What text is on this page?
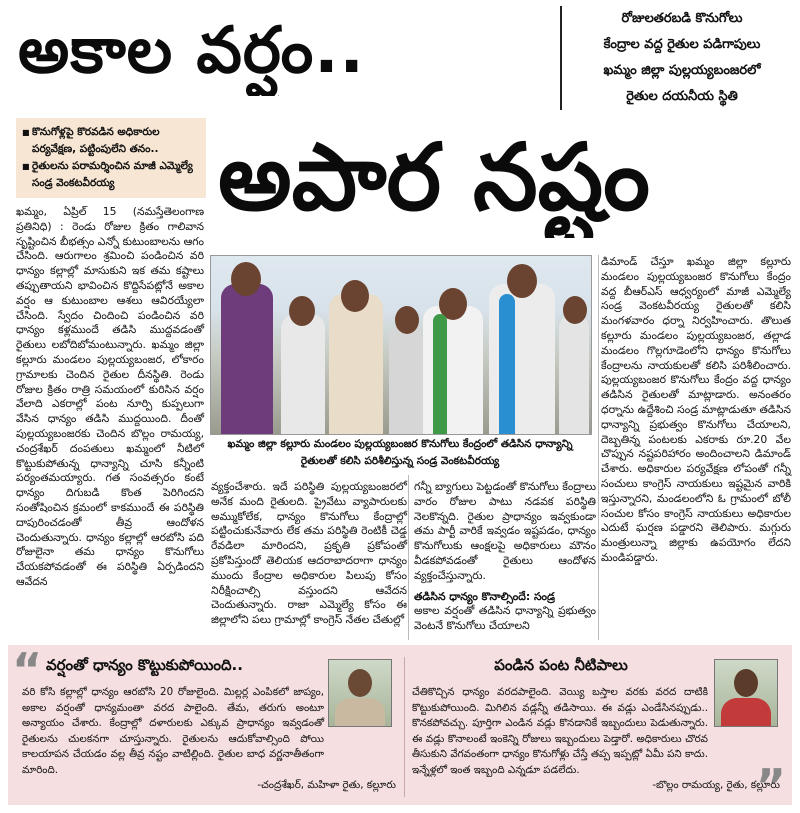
అకాల వర్షం..	రోజులతరబడి కొనుగోలు
కేంద్రాల వద్ద రైతుల పడిగాపులు
ఖమ్మం జిల్లా పుల్లయ్యబంజరలో
రైతుల దయనీయ స్థితి
■ కొనుగోళ్లపై కొరవడిన అధికారుల పర్యవేక్షణ, పట్టింపులేని తనం..
■ రైతులను పరామర్శించిన మాజీ ఎమ్మెల్యే సండ్ర వెంకటవీరయ్య	అపార నష్టం
ఖమ్మం, ఏప్రిల్ 15 (నమస్తేతెలంగాణ ప్రతినిధి) : రెండు రోజుల క్రితం గాలివాన సృష్టించిన బీభత్సం ఎన్నో కుటుంబాలను ఆగం చేసింది. ఆరుగాలం శ్రమించి పండించిన వరి ధాన్యం కల్లాల్లో మాసుకుని ఇక తమ కష్టాలు తప్పుతాయని భావించిన కొద్దిసేపట్లోనే అకాల వర్షం ఆ కుటుంబాల ఆశలు ఆవిరయ్యేలా చేసింది. స్వేదం చిందించి పండించిన వరి ధాన్యం కళ్లముందే తడిసి ముద్దవడంతో రైతులు లబోదిబోమంటున్నారు. ఖమ్మం జిల్లా కల్లూరు మండలం పుల్లయ్యబంజర, లోకారం గ్రామాలకు చెందిన రైతుల దీనస్థితి. రెండు రోజుల క్రితం రాత్రి సమయంలో కురిసిన వర్షం వేలాది ఎకరాల్లో పంట నూర్పి కుప్పలుగా వేసిన ధాన్యం తడిసి ముద్దయింది. దీంతో పుల్లయ్యబంజరకు చెందిన బొల్లం రామయ్య, చంద్రశేఖర్ దంపతులు ఖమ్మంలో నీటిలో కొట్టుకుపోతున్న ధాన్యాన్ని చూసి కన్నీంటి పర్యంతమయ్యారు. గత సంవత్సరం కంటే ధాన్యం దిగుబడి కొంత పెరిగిందని సంతోషించిన క్రమంలో కాకముందే ఈ పరిస్థితి దాపురించడంతో తీవ్ర ఆందోళన చెందుతున్నారు. ధాన్యం కల్లాల్లో ఆరబోసి పది రోజులైనా తమ ధాన్యం కొనుగోలు చేయకపోవడంతో ఈ పరిస్థితి ఏర్పడిందని ఆవేదన
ఖమ్మం జిల్లా కల్లూరు మండలం పుల్లయ్యబంజర కొనుగోలు కేంద్రంలో తడిసిన ధాన్యాన్ని రైతులతో కలిసి పరిశీలిస్తున్న సండ్ర వెంకటవీరయ్య
వ్యక్తంచేశారు. ఇదే పరిస్థితి పుల్లయ్యబంజరలో అనేక మంది రైతులది. ప్రైవేటు వ్యాపారులకు అమ్ముకోలేక, ధాన్యం కొనుగోలు కేంద్రాల్లో పట్టించుకునేవారు లేక తమ పరిస్థితి రెంటికీ చెడ్డ రేవడిలా మారిందని, ప్రకృతి ప్రకోపంతో ప్రకోపిస్తుందో తెలియక ఆదరాబాదరాగా ధాన్యం ముందు కేంద్రాల అధికారుల పిలుపు కోసం నిరీక్షించాల్సి వస్తుందని ఆవేదన చెందుతున్నారు. రాజా ఎమ్మెల్యే కోసం ఈ జిల్లాలోని పలు గ్రామాల్లో కాంగ్రెస్ నేతల చేతుల్లో
గన్నీ బ్యాగులు పెట్టడంతో కొనుగోలు కేంద్రాలు వారం రోజుల పాటు నడవక పరిస్థితి నెలకొన్నది. రైతుల ప్రాధాన్యం ఇవ్వకుండా తమ పార్టీ వారికే ఇవ్వడం ఇష్టపడం, ధాన్యం కొనుగోలుకు ఆంక్షలపై అధికారులు మౌనం వీడకపోవడంతో రైతులు ఆందోళన వ్యక్తంచేస్తున్నారు.
తడిసిన ధాన్యం కొనాల్సిందే: సండ్ర
అకాల వర్షంతో తడిసిన ధాన్యాన్ని ప్రభుత్వం వెంటనే కొనుగోలు చేయాలని
డిమాండ్ చేస్తూ ఖమ్మం జిల్లా కల్లూరు మండలం పుల్లయ్యబంజర కొనుగోలు కేంద్రం వద్ద బీఆర్ఎస్ ఆధ్వర్యంలో మాజీ ఎమ్మెల్యే సండ్ర వెంకటవీరయ్య రైతులతో కలిసి మంగళవారం ధర్నా నిర్వహించారు. తొలుత కల్లూరు మండలం పుల్లయ్యబంజర, తల్లాడ మండలం గొల్లగూడెంలోని ధాన్యం కొనుగోలు కేంద్రాలను నాయకులతో కలిసి పరిశీలించారు. పుల్లయ్యబంజర కొనుగోలు కేంద్రం వద్ద ధాన్యం తడిసిన రైతులతో మాట్లాడారు. అనంతరం ధర్నాను ఉద్దేశించి సండ్ర మాట్లాడుతూ తడిసిన ధాన్యాన్ని ప్రభుత్వం కొనుగోలు చేయాలని, దెబ్బతిన్న పంటలకు ఎకరాకు రూ.20 వేల చొప్పున నష్టపరిహారం అందించాలని డిమాండ్ చేశారు. అధికారుల పర్యవేక్షణ లోపంతో గన్నీ సంచులు కాంగ్రెస్ నాయకులు ఇష్టమైన వారికి ఇస్తున్నారని, మండలంలోని ఓ గ్రామంలో బోలీ సంచుల కోసం కాంగ్రెస్ నాయకులు అధికారుల ఎదుటే ఘర్షణ పడ్డారని తెలిపారు. మగ్గురు మంత్రులున్నా జిల్లాకు ఉపయోగం లేదని మండిపడ్డారు.
“ వర్షంతో ధాన్యం కొట్టుకుపోయింది..
వరి కోసి కల్లాల్లో ధాన్యం ఆరబోసి 20 రోజులైంది. మిల్లర్ల ఎంపికలో జాప్యం, అకాల వర్షంతో ధాన్యమంతా వరద పాలైంది. తేమ, తరుగు అంటూ అన్యాయం చేశారు. కేంద్రాల్లో దళారులకు ఎక్కువ ప్రాధాన్యం ఇవ్వడంతో రైతులను చులకనగా చూస్తున్నారు. రైతులను ఆదుకోవాల్సింది పోయి కాలయాపన చేయడం వల్ల తీవ్ర నష్టం వాటిల్లింది. రైతుల బాధ వర్ణనాతీతంగా మారింది.
-చంద్రశేఖర్, మహిళా రైతు, కల్లూరు
పండిన పంట నీటిపాలు
చేతికొచ్చిన ధాన్యం వరదపాలైంది. వెయ్యి బస్తాల వరకు వరద దాటికి కొట్టుకుపోయింది. మిగిలిన వడ్లన్నీ తడిసాయి. ఈ వడ్లు ఎండేసినప్పుడు.. కొనకపోవచ్చు. పూర్తిగా ఎండిన వడ్లు కొనడానికే ఇబ్బందులు పెడుతున్నారు. ఈ వడ్లు కొనాలంటే ఇంకెన్ని రోజులు ఇబ్బందులు పెడ్తారో. అధికారులు చొరవ తీసుకుని వేగవంతంగా ధాన్యం కొనుగోళ్లు చేస్తే తప్ప ఇప్పట్లో ఏమీ పని కాదు. ఇన్నేళ్లలో ఇంత ఇబ్బంది ఎన్నడూ పడలేదు.
-బొల్లం రామయ్య, రైతు, కల్లూరు
”
